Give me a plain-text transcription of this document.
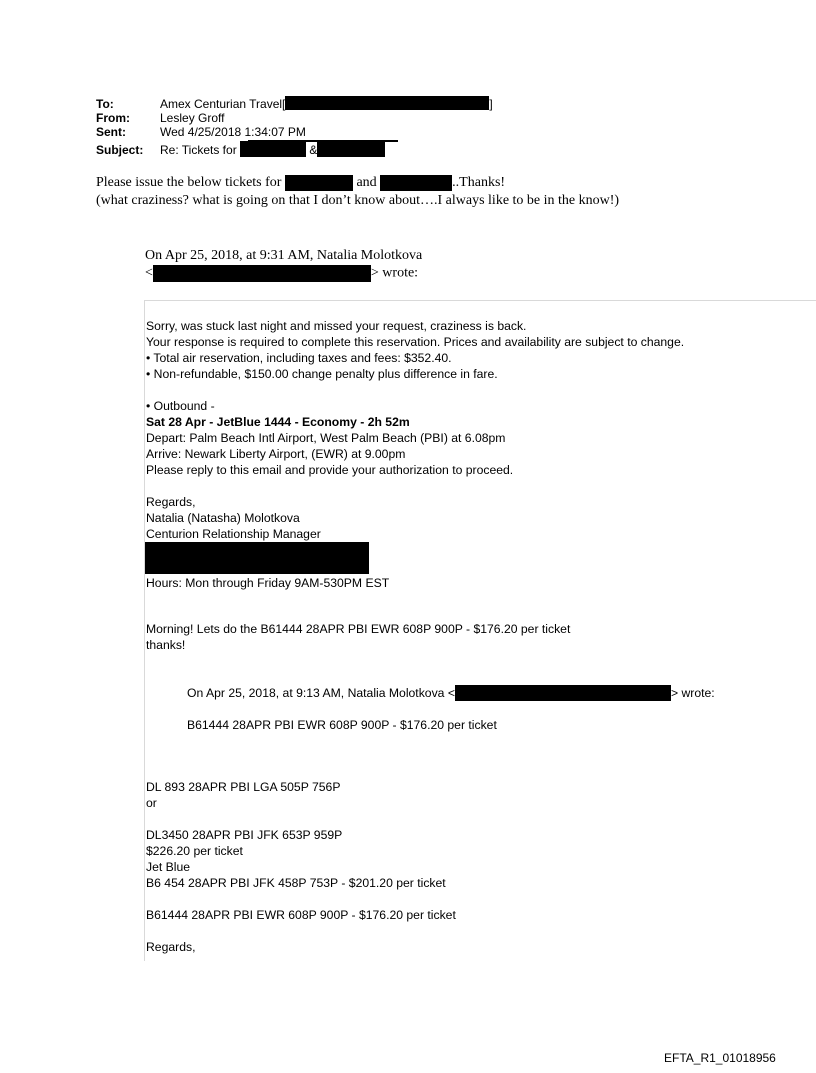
To:	Amex Centurian Travel[	]
From:	Lesley Groff
Sent:	Wed 4/25/2018 1:34:07 PM
Subject: Re: Tickets for	&
Please issue the below tickets for	and	..Thanks!
(what craziness? what is going on that I don’t know about….I always like to be in the know!)
On Apr 25, 2018, at 9:31 AM, Natalia Molotkova
<	> wrote:
Sorry, was stuck last night and missed your request, craziness is back.
Your response is required to complete this reservation. Prices and availability are subject to change.
• Total air reservation, including taxes and fees: $352.40.
• Non-refundable, $150.00 change penalty plus difference in fare.
• Outbound -
Sat 28 Apr - JetBlue 1444 - Economy - 2h 52m
Depart: Palm Beach Intl Airport, West Palm Beach (PBI) at 6.08pm
Arrive: Newark Liberty Airport, (EWR) at 9.00pm
Please reply to this email and provide your authorization to proceed.
Regards,
Natalia (Natasha) Molotkova
Centurion Relationship Manager
Hours: Mon through Friday 9AM-530PM EST
Morning! Lets do the B61444 28APR PBI EWR 608P 900P - $176.20 per ticket
thanks!
On Apr 25, 2018, at 9:13 AM, Natalia Molotkova <	> wrote:
B61444 28APR PBI EWR 608P 900P - $176.20 per ticket
DL 893 28APR PBI LGA 505P 756P
or
DL3450 28APR PBI JFK 653P 959P
$226.20 per ticket
Jet Blue
B6 454 28APR PBI JFK 458P 753P - $201.20 per ticket
B61444 28APR PBI EWR 608P 900P - $176.20 per ticket
Regards,
EFTA_R1_01018956
